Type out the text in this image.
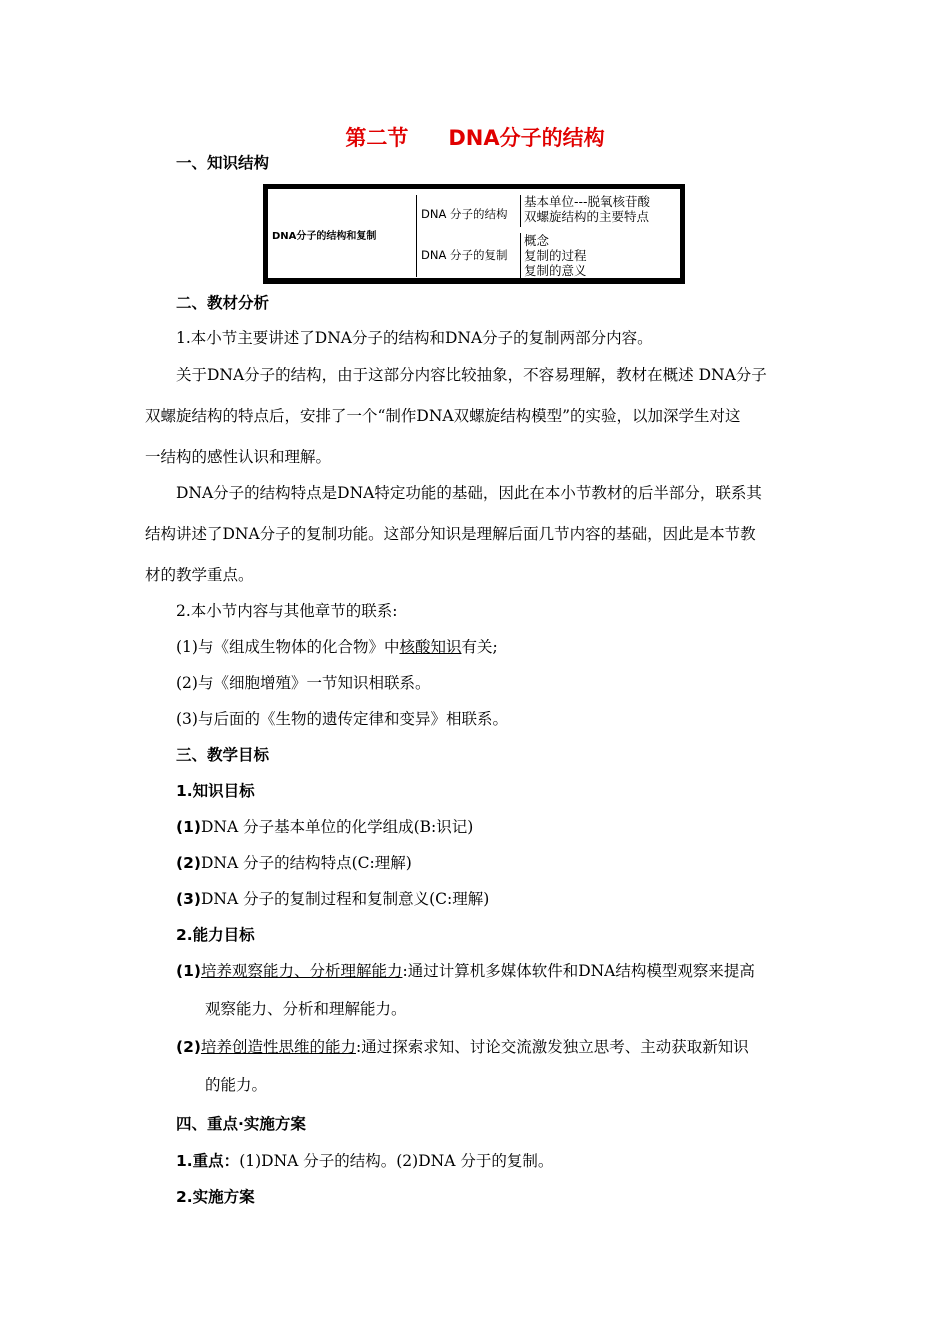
第二节 DNA分子的结构
一、知识结构
DNA分子的结构和复制
DNA 分子的结构
DNA 分子的复制
基本单位---脱氧核苷酸
双螺旋结构的主要特点
概念
复制的过程
复制的意义
二、教材分析
1.本小节主要讲述了DNA分子的结构和DNA分子的复制两部分内容。
关于DNA分子的结构，由于这部分内容比较抽象，不容易理解，教材在概述 DNA分子
双螺旋结构的特点后，安排了一个“制作DNA双螺旋结构模型”的实验，以加深学生对这
一结构的感性认识和理解。
DNA分子的结构特点是DNA特定功能的基础，因此在本小节教材的后半部分，联系其
结构讲述了DNA分子的复制功能。这部分知识是理解后面几节内容的基础，因此是本节教
材的教学重点。
2.本小节内容与其他章节的联系:
(1)与《组成生物体的化合物》中核酸知识有关;
(2)与《细胞增殖》一节知识相联系。
(3)与后面的《生物的遗传定律和变异》相联系。
三、教学目标
1.知识目标
(1)DNA 分子基本单位的化学组成(B:识记)
(2)DNA 分子的结构特点(C:理解)
(3)DNA 分子的复制过程和复制意义(C:理解)
2.能力目标
(1)培养观察能力、分析理解能力:通过计算机多媒体软件和DNA结构模型观察来提高
观察能力、分析和理解能力。
(2)培养创造性思维的能力:通过探索求知、讨论交流激发独立思考、主动获取新知识
的能力。
四、重点·实施方案
1.重点：(1)DNA 分子的结构。(2)DNA 分于的复制。
2.实施方案
